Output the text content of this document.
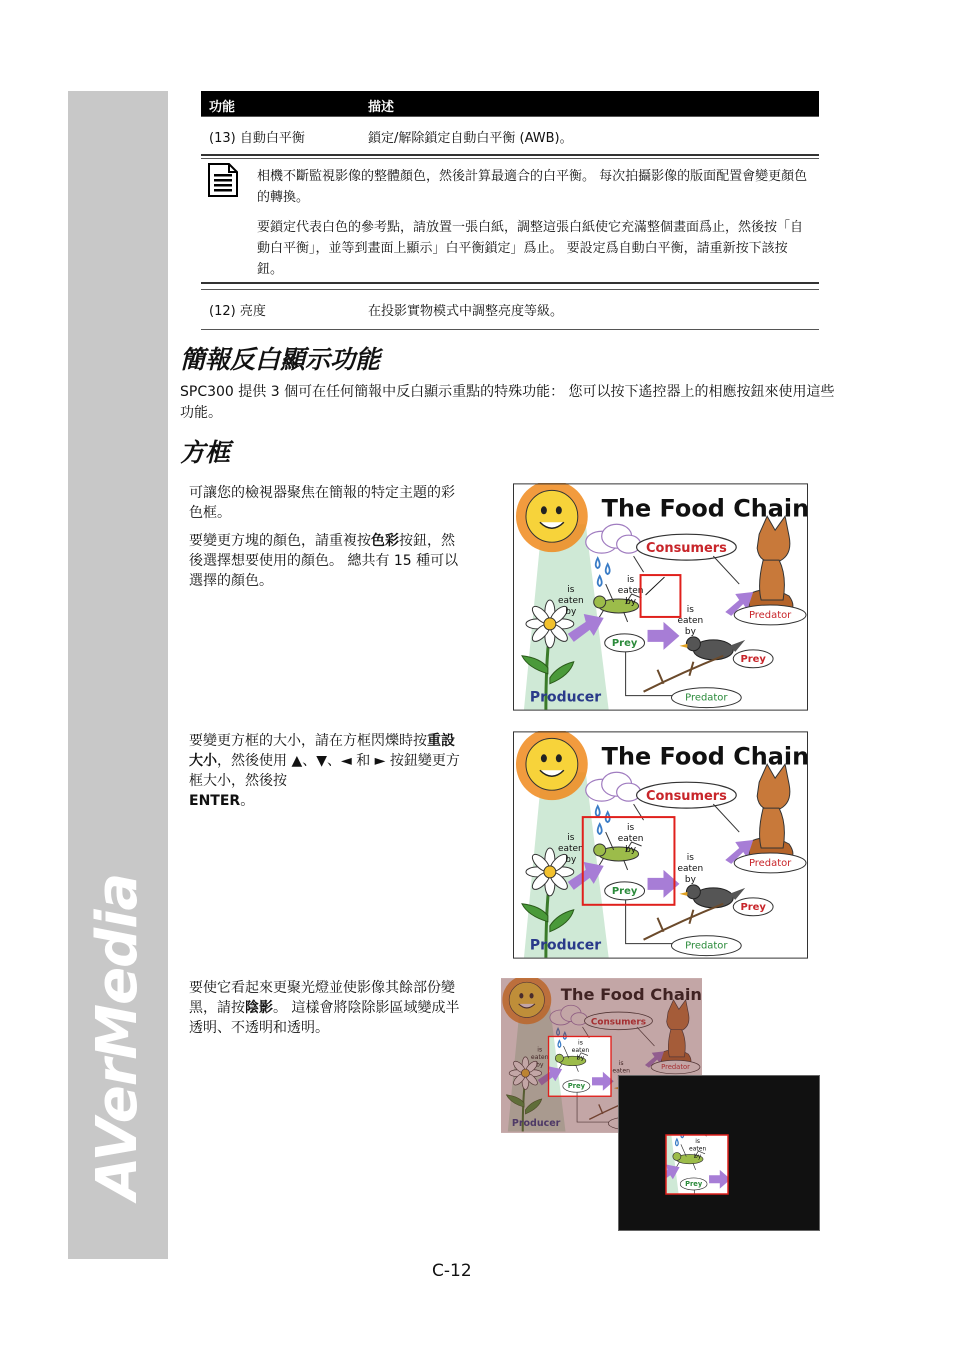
AVerMedia
功能	描述
(13) 自動白平衡	鎖定/解除鎖定自動白平衡 (AWB)。

相機不斷監視影像的整體顏色，然後計算最適合的白平衡。 每次拍攝影像的版面配置會變更顏色的轉換。

要鎖定代表白色的參考點，請放置一張白紙，調整這張白紙使它充滿整個畫面爲止，然後按「自動白平衡」，並等到畫面上顯示」白平衡鎖定」爲止。 要設定爲自動白平衡，請重新按下該按鈕。

(12) 亮度	在投影實物模式中調整亮度等級。
簡報反白顯示功能

SPC300 提供 3 個可在任何簡報中反白顯示重點的特殊功能： 您可以按下遙控器上的相應按鈕來使用這些功能。

方框

可讓您的檢視器聚焦在簡報的特定主題的彩色框。

要變更方塊的顏色，請重複按色彩按鈕，然後選擇想要使用的顏色。 總共有 15 種可以選擇的顏色。

要變更方框的大小，請在方框閃爍時按重設大小，然後使用 ▲、▼、◄ 和 ► 按鈕變更方框大小，然後按
ENTER。

要使它看起來更聚光燈並使影像其餘部份變黑，請按陰影。 這樣會將陰除影區域變成半透明、不透明和透明。

C-12
